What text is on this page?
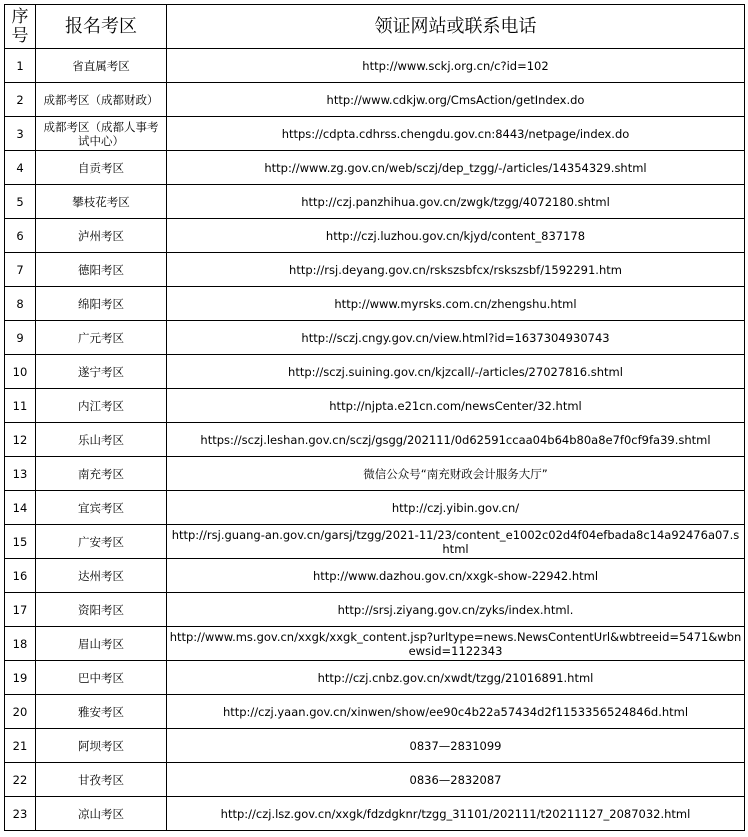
序号	报名考区	领证网站或联系电话
1	省直属考区	http://www.sckj.org.cn/c?id=102
2	成都考区（成都财政）	http://www.cdkjw.org/CmsAction/getIndex.do
3	成都考区（成都人事考试中心）	https://cdpta.cdhrss.chengdu.gov.cn:8443/netpage/index.do
4	自贡考区	http://www.zg.gov.cn/web/sczj/dep_tzgg/-/articles/14354329.shtml
5	攀枝花考区	http://czj.panzhihua.gov.cn/zwgk/tzgg/4072180.shtml
6	泸州考区	http://czj.luzhou.gov.cn/kjyd/content_837178
7	德阳考区	http://rsj.deyang.gov.cn/rskszsbfcx/rskszsbf/1592291.htm
8	绵阳考区	http://www.myrsks.com.cn/zhengshu.html
9	广元考区	http://sczj.cngy.gov.cn/view.html?id=1637304930743
10	遂宁考区	http://sczj.suining.gov.cn/kjzcall/-/articles/27027816.shtml
11	内江考区	http://njpta.e21cn.com/newsCenter/32.html
12	乐山考区	https://sczj.leshan.gov.cn/sczj/gsgg/202111/0d62591ccaa04b64b80a8e7f0cf9fa39.shtml
13	南充考区	微信公众号“南充财政会计服务大厅”
14	宜宾考区	http://czj.yibin.gov.cn/
15	广安考区	http://rsj.guang-an.gov.cn/garsj/tzgg/2021-11/23/content_e1002c02d4f04efbada8c14a92476a07.shtml
16	达州考区	http://www.dazhou.gov.cn/xxgk-show-22942.html
17	资阳考区	http://srsj.ziyang.gov.cn/zyks/index.html.
18	眉山考区	http://www.ms.gov.cn/xxgk/xxgk_content.jsp?urltype=news.NewsContentUrl&wbtreeid=5471&wbnewsid=1122343
19	巴中考区	http://czj.cnbz.gov.cn/xwdt/tzgg/21016891.html
20	雅安考区	http://czj.yaan.gov.cn/xinwen/show/ee90c4b22a57434d2f1153356524846d.html
21	阿坝考区	0837—2831099
22	甘孜考区	0836—2832087
23	凉山考区	http://czj.lsz.gov.cn/xxgk/fdzdgknr/tzgg_31101/202111/t20211127_2087032.html
